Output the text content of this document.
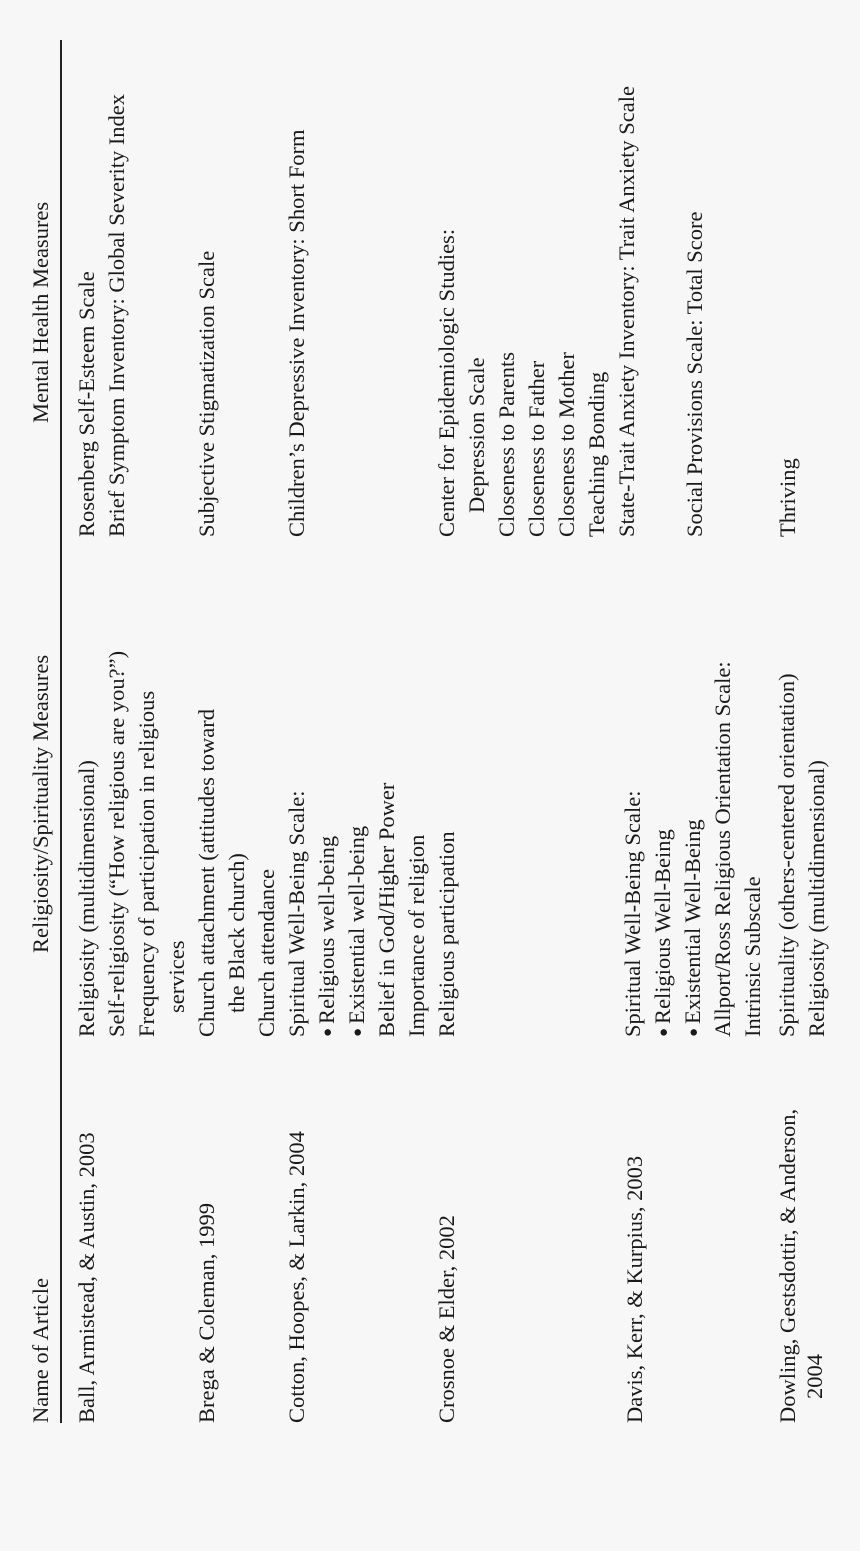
Name of Article
Religiosity/Spirituality Measures
Mental Health Measures
Ball, Armistead, & Austin, 2003
Religiosity (multidimensional) Self-religiosity (“How religious are you?”) Frequency of participation in religious services
Rosenberg Self-Esteem Scale Brief Symptom Inventory: Global Severity Index
Brega & Coleman, 1999
Church attachment (attitudes toward the Black church) Church attendance
Subjective Stigmatization Scale
Cotton, Hoopes, & Larkin, 2004
Spiritual Well-Being Scale:
● Religious well-being
● Existential well-being Belief in God/Higher Power Importance of religion
Children’s Depressive Inventory: Short Form
Crosnoe & Elder, 2002
Religious participation
Center for Epidemiologic Studies: Depression Scale Closeness to Parents Closeness to Father Closeness to Mother Teaching Bonding
Davis, Kerr, & Kurpius, 2003
Spiritual Well-Being Scale:
● Religious Well-Being
● Existential Well-Being Allport/Ross Religious Orientation Scale: Intrinsic Subscale
State-Trait Anxiety Inventory: Trait Anxiety Scale Social Provisions Scale: Total Score
Dowling, Gestsdottir, & Anderson, 2004
Spirituality (others-centered orientation) Religiosity (multidimensional)
Thriving
